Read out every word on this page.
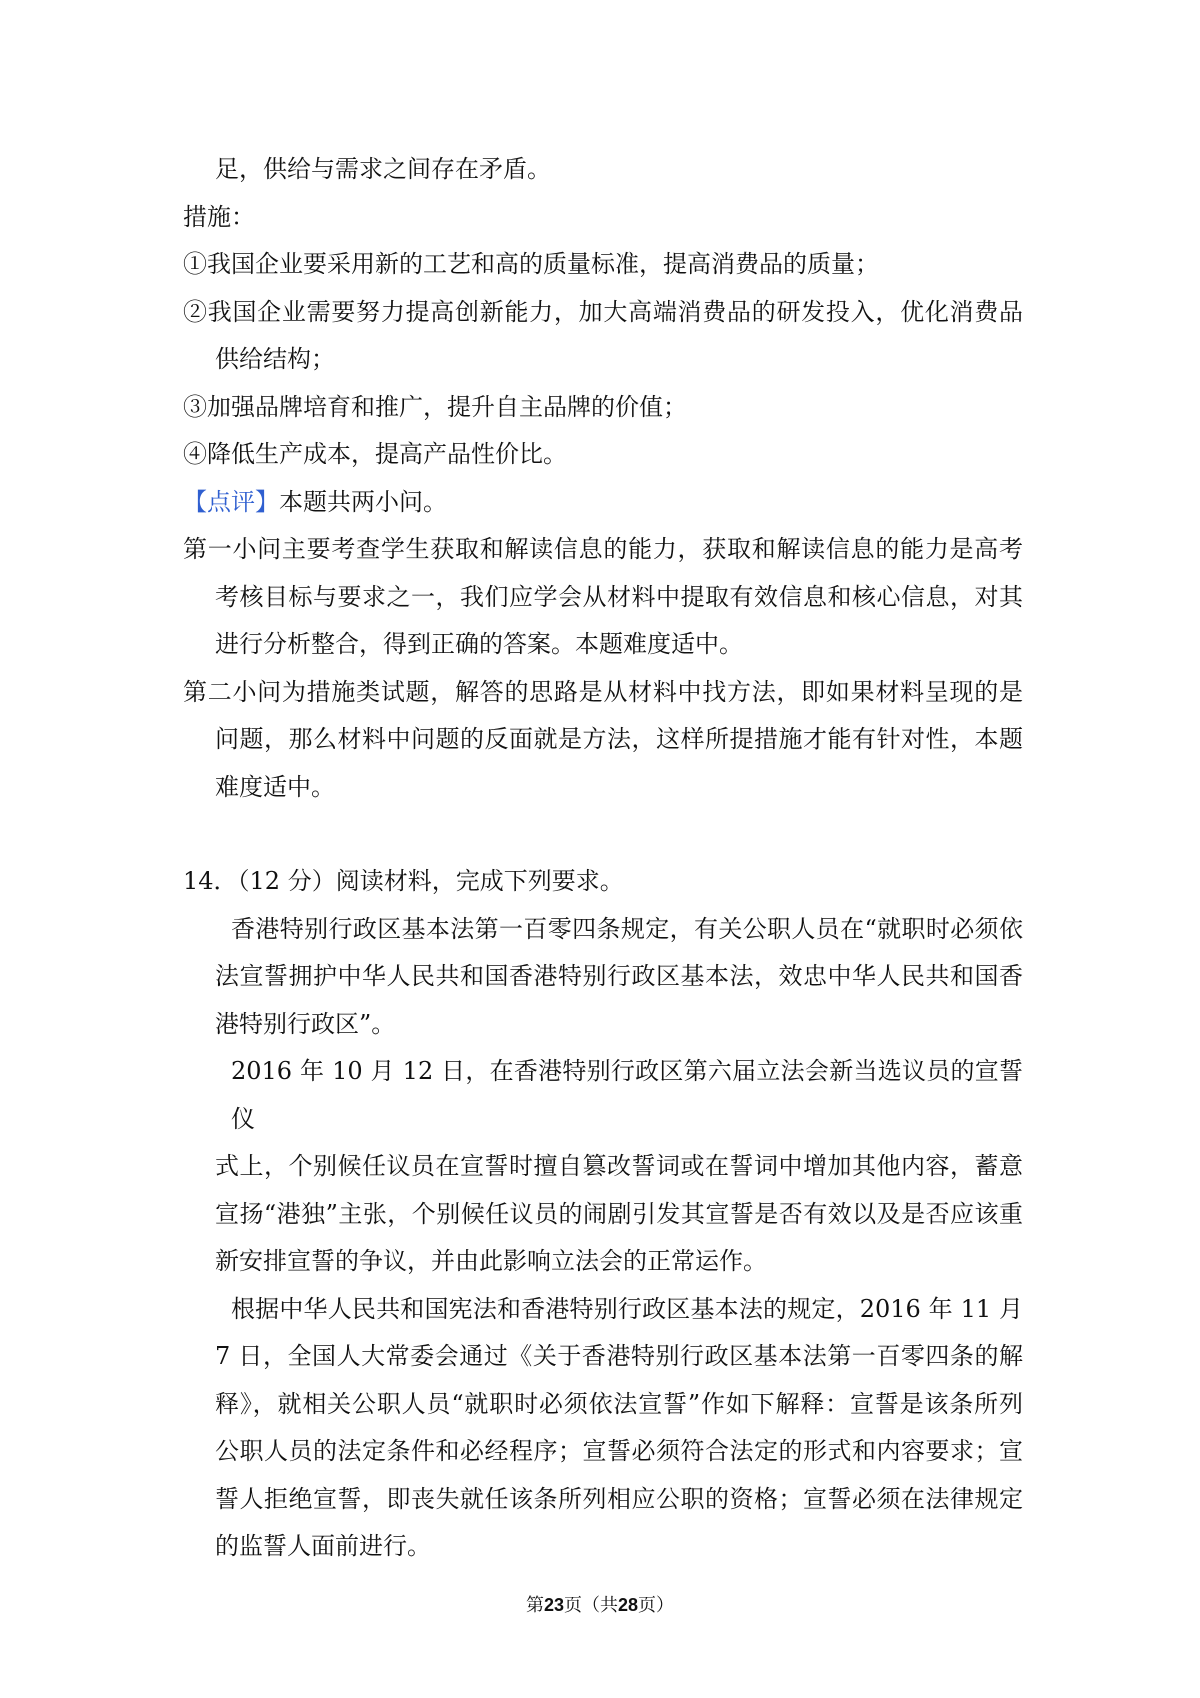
足，供给与需求之间存在矛盾。
措施：
①我国企业要采用新的工艺和高的质量标准，提高消费品的质量；
②我国企业需要努力提高创新能力，加大高端消费品的研发投入，优化消费品
供给结构；
③加强品牌培育和推广，提升自主品牌的价值；
④降低生产成本，提高产品性价比。
【点评】本题共两小问。
第一小问主要考查学生获取和解读信息的能力，获取和解读信息的能力是高考
考核目标与要求之一，我们应学会从材料中提取有效信息和核心信息，对其
进行分析整合，得到正确的答案。本题难度适中。
第二小问为措施类试题，解答的思路是从材料中找方法，即如果材料呈现的是
问题，那么材料中问题的反面就是方法，这样所提措施才能有针对性，本题
难度适中。
14．（12 分）阅读材料，完成下列要求。
香港特别行政区基本法第一百零四条规定，有关公职人员在“就职时必须依
法宣誓拥护中华人民共和国香港特别行政区基本法，效忠中华人民共和国香
港特别行政区”。
2016 年 10 月 12 日，在香港特别行政区第六届立法会新当选议员的宣誓仪
式上，个别候任议员在宣誓时擅自篡改誓词或在誓词中增加其他内容，蓄意
宣扬“港独”主张，个别候任议员的闹剧引发其宣誓是否有效以及是否应该重
新安排宣誓的争议，并由此影响立法会的正常运作。
根据中华人民共和国宪法和香港特别行政区基本法的规定，2016 年 11 月
7 日，全国人大常委会通过《关于香港特别行政区基本法第一百零四条的解
释》，就相关公职人员“就职时必须依法宣誓”作如下解释：宣誓是该条所列
公职人员的法定条件和必经程序；宣誓必须符合法定的形式和内容要求；宣
誓人拒绝宣誓，即丧失就任该条所列相应公职的资格；宣誓必须在法律规定
的监誓人面前进行。
第23页（共28页）
